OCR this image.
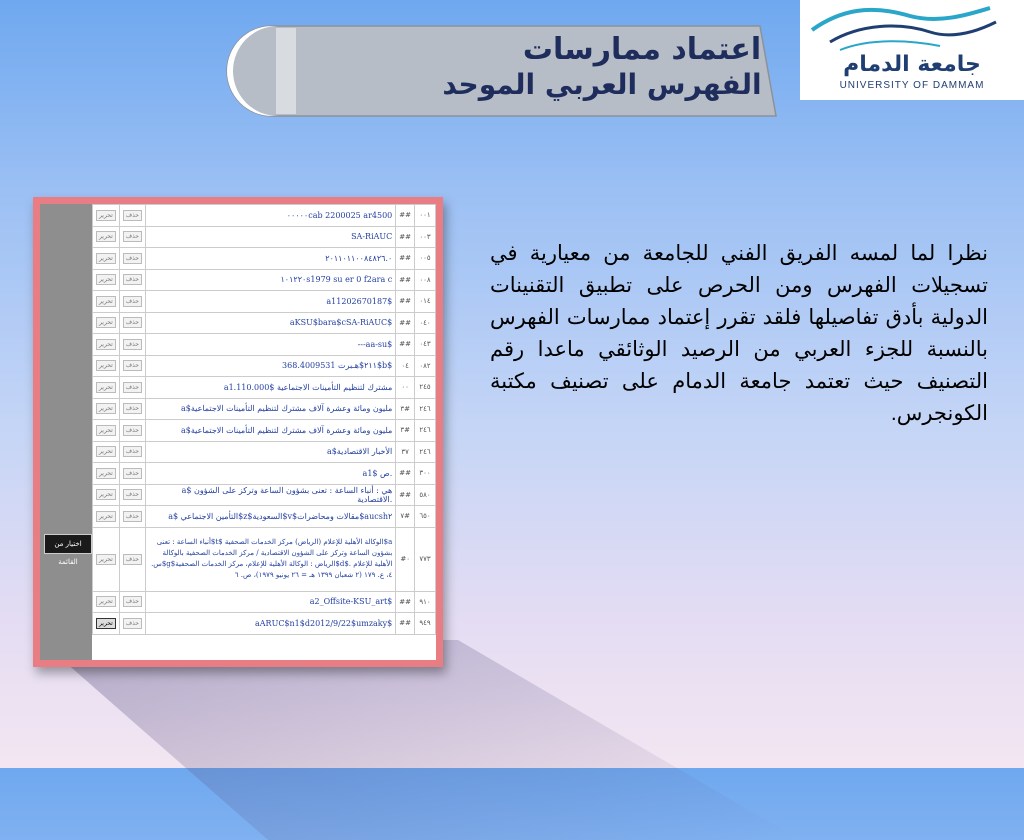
اعتماد ممارسات
الفهرس العربي الموحد
جامعة الدمام
UNIVERSITY OF DAMMAM
اختيار من القائمة
٠٠١	##	٠٠٠٠٠cab 2200025 ar4500	حذف	تحرير
٠٠٣	##	SA-RiAUC	حذف	تحرير
٠٠٥	##	٢٠١١٠١١٠٠٨٤٨٢٦.٠	حذف	تحرير
٠٠٨	##	١٠١٢٢٠s1979 su er 0 f2ara c	حذف	تحرير
٠١٤	##	a11202670187$	حذف	تحرير
٠٤٠	##	aKSU$bara$cSA-RiAUC$	حذف	تحرير
٠٤٣	##	---aa-su$	حذف	تحرير
٠٨٢	٠٤	٢١١$هـبرت 368.4009531$b$	حذف	تحرير
٢٤٥	٠٠	a1.110.000$ مشترك لتنظيم التأمينات الاجتماعية	حذف	تحرير
٢٤٦	#٣	a$مليون ومائة وعشرة آلاف مشترك لتنظيم التأمينات الاجتماعية	حذف	تحرير
٢٤٦	#٣	a$مليون ومائة وعشرة آلاف مشترك لتنظيم التأمينات الاجتماعية	حذف	تحرير
٢٤٦	٣٧	a$الأخبار الاقتصادية	حذف	تحرير
٣٠٠	##	a1$ ص.	حذف	تحرير
٥٨٠	##	a$ هي : أنباء الساعة : تعنى بشؤون الساعة وتركز على الشؤون الاقتصادية.	حذف	تحرير
٦٥٠	#٧	a$ التأمين الاجتماعي$z$السعودية$v$مقالات ومحاضرات$aucsh٢	حذف	تحرير
٧٧٣	٠#	a$الوكالة الأهلية للإعلام (الرياض) مركز الخدمات الصحفية $t$أنباء الساعة : تعنى بشؤون الساعة وتركز على الشؤون الاقتصادية / مركز الخدمات الصحفية بالوكالة الأهلية للإعلام .$d$الرياض : الوكالة الأهلية للإعلام، مركز الخدمات الصحفية$g$س. ٤، ع. ١٧٩ (٢ شعبان ١٣٩٩ هـ = ٢٦ يونيو ١٩٧٩)، ص. ٦	حذف	تحرير
٩١٠	##	a2_Offsite-KSU_art$	حذف	تحرير
٩٤٩	##	aARUC$n1$d2012/9/22$umzaky$	حذف	تحرير
نظرا لما لمسه الفريق الفني للجامعة من معيارية في تسجيلات الفهرس ومن الحرص على تطبيق التقنينات الدولية بأدق تفاصيلها فلقد تقرر إعتماد ممارسات الفهرس بالنسبة للجزء العربي من الرصيد الوثائقي ماعدا رقم التصنيف حيث تعتمد جامعة الدمام على تصنيف مكتبة الكونجرس.
